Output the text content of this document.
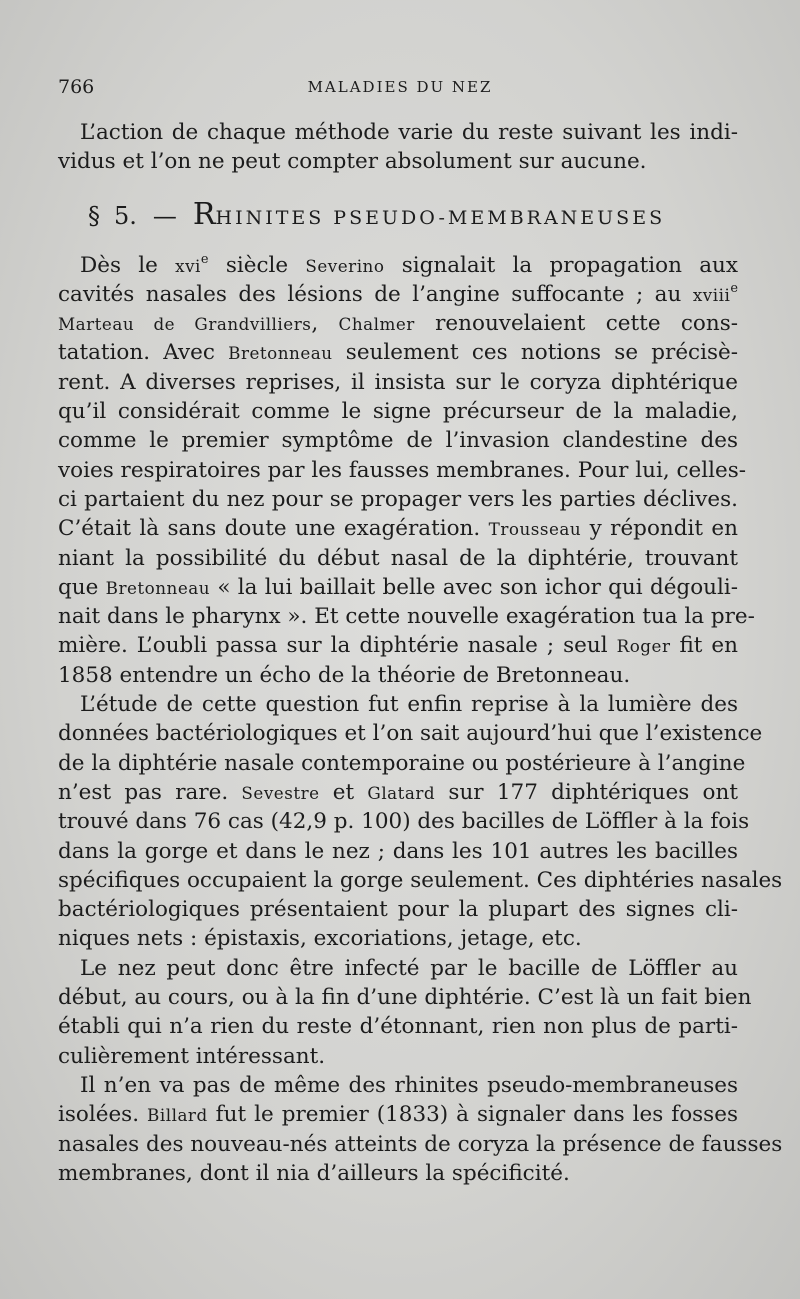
766	MALADIES DU NEZ
L’action de chaque méthode varie du reste suivant les indi-
vidus et l’on ne peut compter absolument sur aucune.
§ 5. — RHINITES PSEUDO-MEMBRANEUSES
Dès le xvi$^e$ siècle Severino signalait la propagation aux
cavités nasales des lésions de l’angine suffocante ; au xviii$^e$
Marteau de Grandvilliers, Chalmer renouvelaient cette cons-
tatation. Avec Bretonneau seulement ces notions se précisè-
rent. A diverses reprises, il insista sur le coryza diphtérique
qu’il considérait comme le signe précurseur de la maladie,
comme le premier symptôme de l’invasion clandestine des
voies respiratoires par les fausses membranes. Pour lui, celles-
ci partaient du nez pour se propager vers les parties déclives.
C’était là sans doute une exagération. Trousseau y répondit en
niant la possibilité du début nasal de la diphtérie, trouvant
que Bretonneau « la lui baillait belle avec son ichor qui dégouli-
nait dans le pharynx ». Et cette nouvelle exagération tua la pre-
mière. L’oubli passa sur la diphtérie nasale ; seul Roger fit en
1858 entendre un écho de la théorie de Bretonneau.
L’étude de cette question fut enfin reprise à la lumière des
données bactériologiques et l’on sait aujourd’hui que l’existence
de la diphtérie nasale contemporaine ou postérieure à l’angine
n’est pas rare. Sevestre et Glatard sur 177 diphtériques ont
trouvé dans 76 cas (42,9 p. 100) des bacilles de Löffler à la fois
dans la gorge et dans le nez ; dans les 101 autres les bacilles
spécifiques occupaient la gorge seulement. Ces diphtéries nasales
bactériologiques présentaient pour la plupart des signes cli-
niques nets : épistaxis, excoriations, jetage, etc.
Le nez peut donc être infecté par le bacille de Löffler au
début, au cours, ou à la fin d’une diphtérie. C’est là un fait bien
établi qui n’a rien du reste d’étonnant, rien non plus de parti-
culièrement intéressant.
Il n’en va pas de même des rhinites pseudo-membraneuses
isolées. Billard fut le premier (1833) à signaler dans les fosses
nasales des nouveau-nés atteints de coryza la présence de fausses
membranes, dont il nia d’ailleurs la spécificité.
